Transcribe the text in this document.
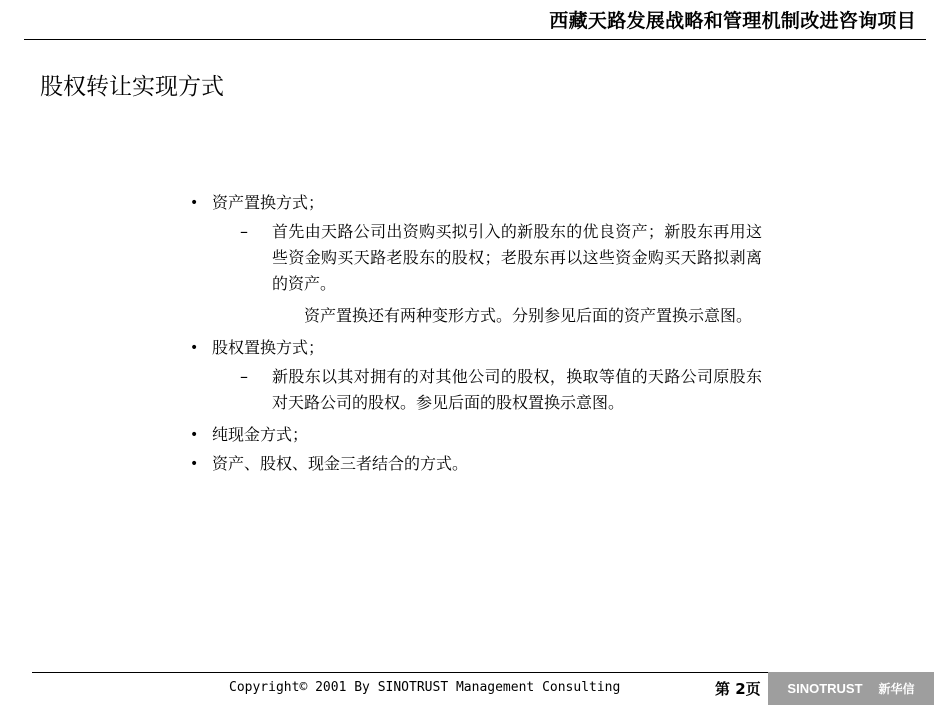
西藏天路发展战略和管理机制改进咨询项目
股权转让实现方式
• 资产置换方式；
– 首先由天路公司出资购买拟引入的新股东的优良资产；新股东再用这些资金购买天路老股东的股权；老股东再以这些资金购买天路拟剥离的资产。
资产置换还有两种变形方式。分别参见后面的资产置换示意图。
• 股权置换方式；
– 新股东以其对拥有的对其他公司的股权，换取等值的天路公司原股东对天路公司的股权。参见后面的股权置换示意图。
• 纯现金方式；
• 资产、股权、现金三者结合的方式。
Copyright© 2001 By SINOTRUST Management Consulting	第 2页 SINOTRUST 新华信
